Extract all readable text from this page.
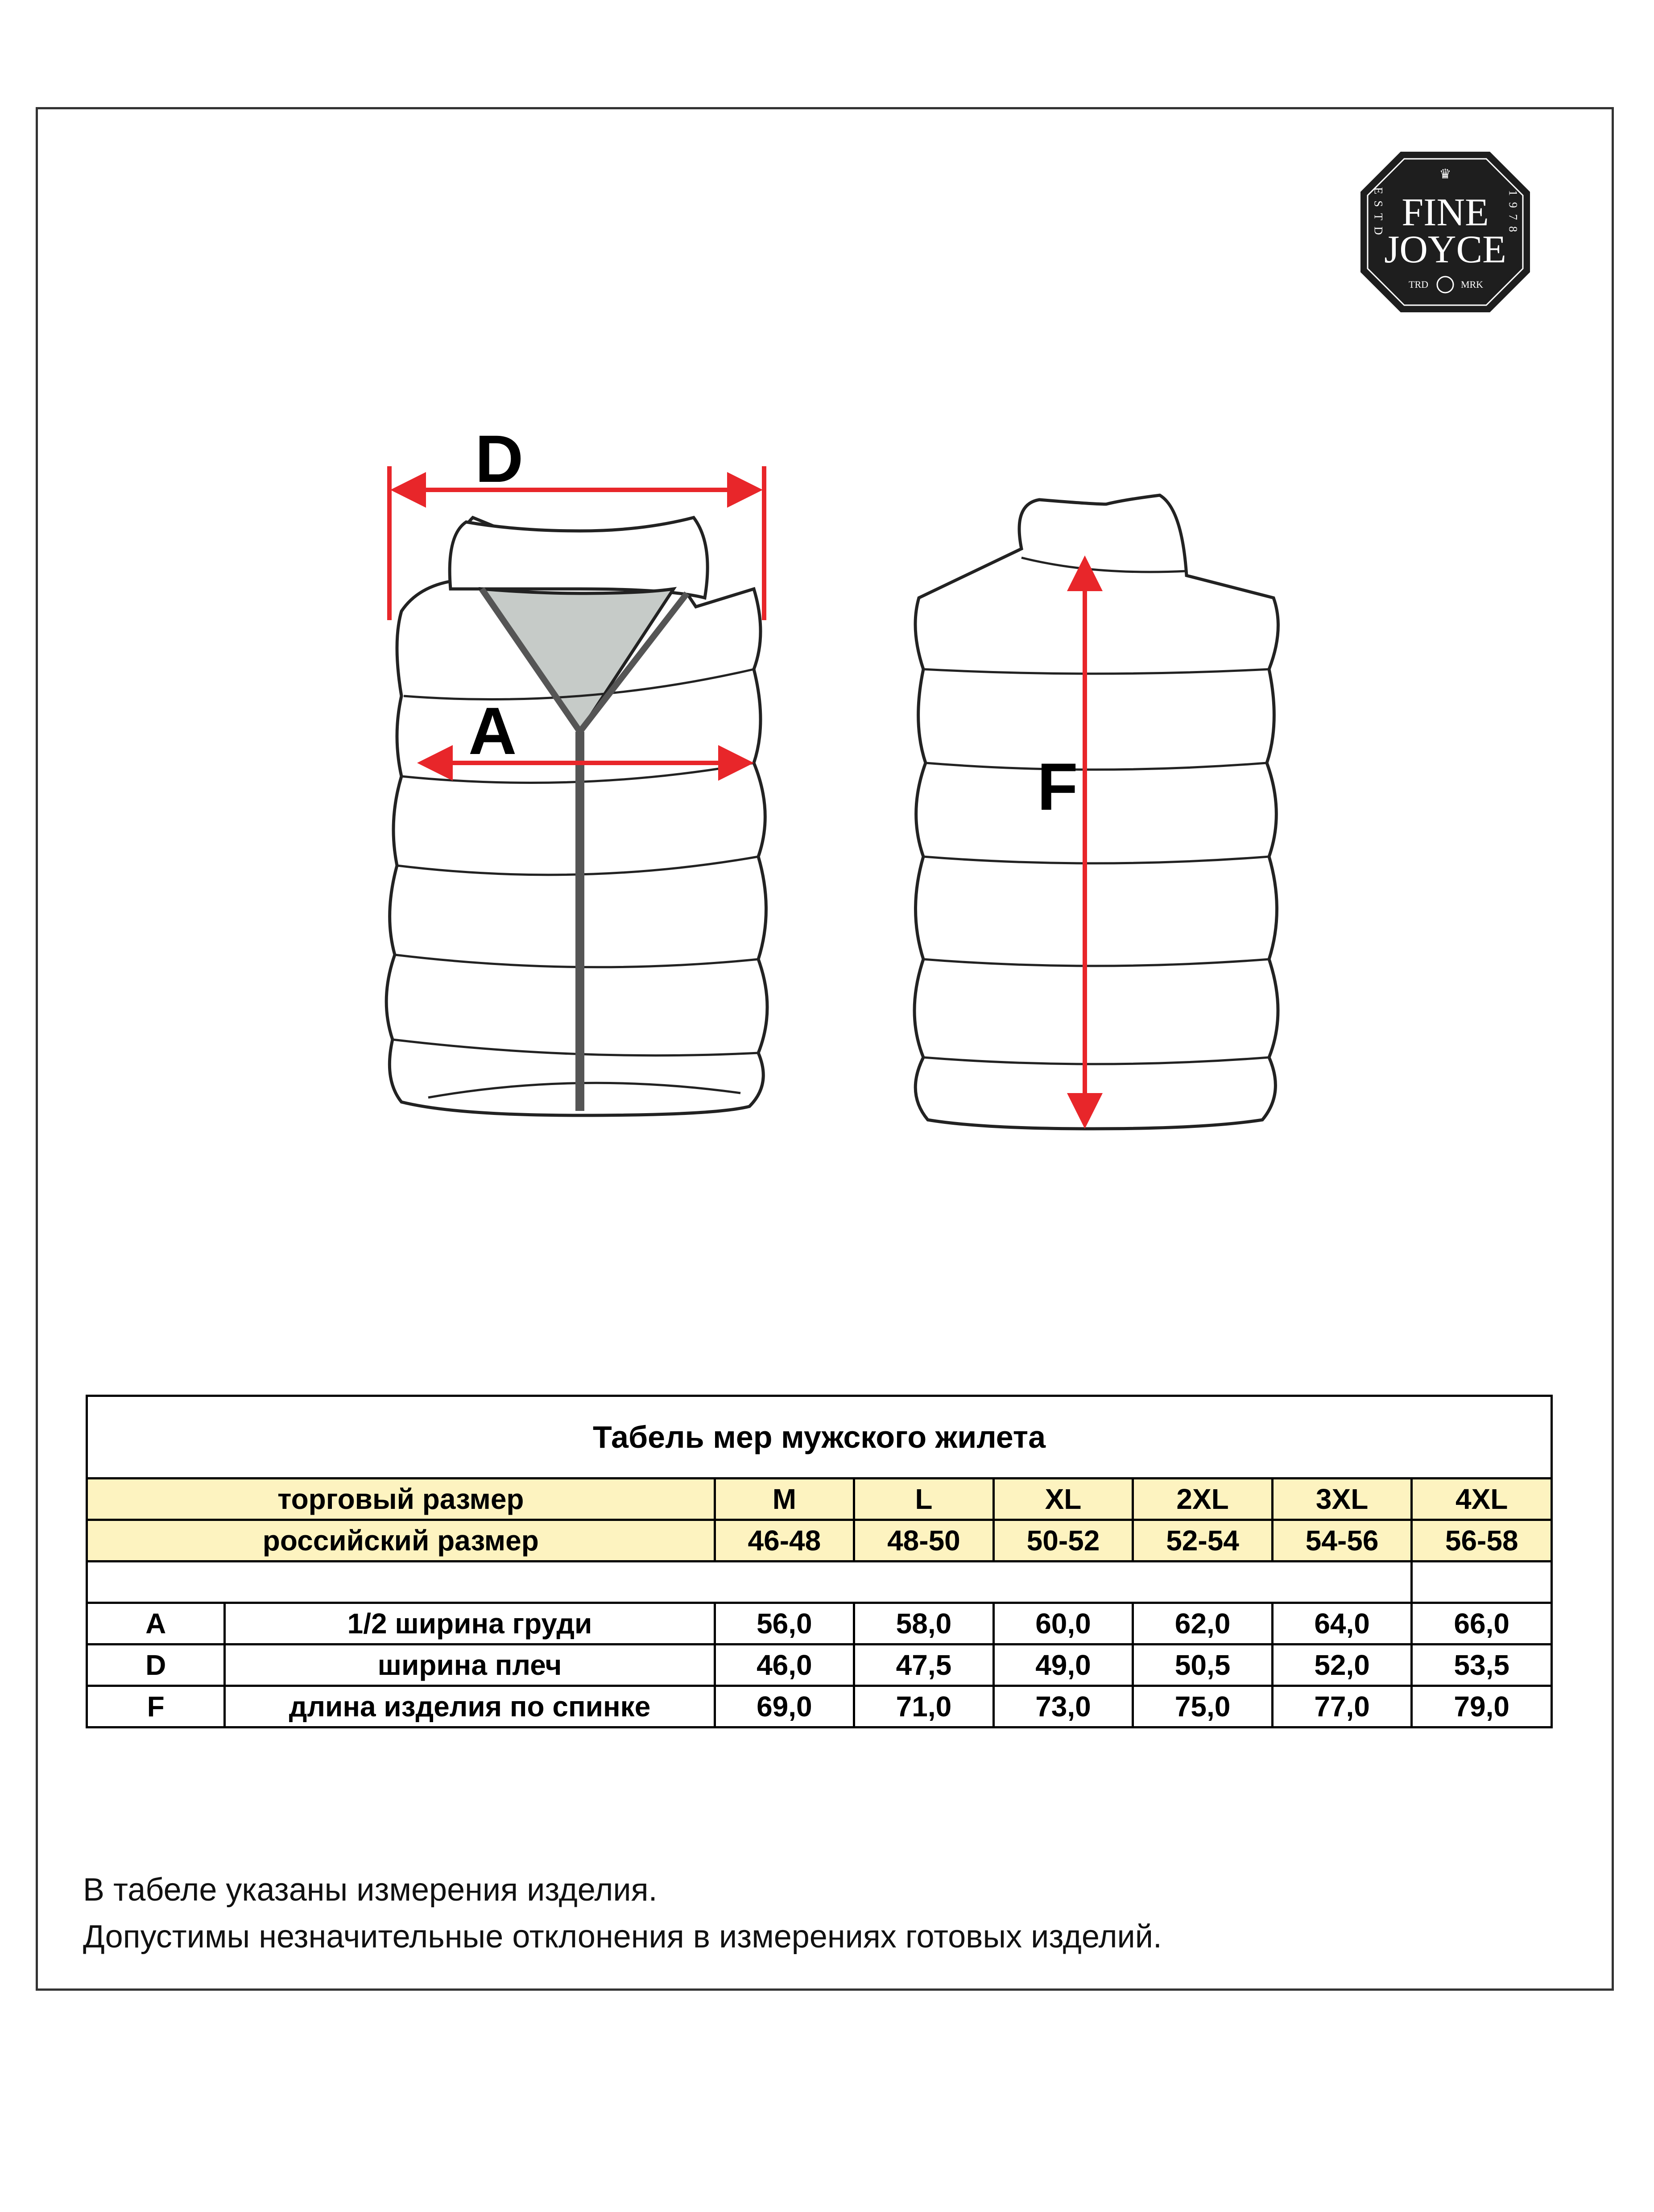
♛
FINE
JOYCE
ESTD	1978
TRD	MRK
D
A
F
Табель мер мужского жилета							
торговый размер		M	L	XL	2XL	3XL	4XL
российский размер		46-48	48-50	50-52	52-54	54-56	56-58

A	1/2 ширина груди	56,0	58,0	60,0	62,0	64,0	66,0
D	ширина плеч	46,0	47,5	49,0	50,5	52,0	53,5
F	длина изделия по спинке	69,0	71,0	73,0	75,0	77,0	79,0
В табеле указаны измерения изделия.
Допустимы незначительные отклонения в измерениях готовых изделий.
